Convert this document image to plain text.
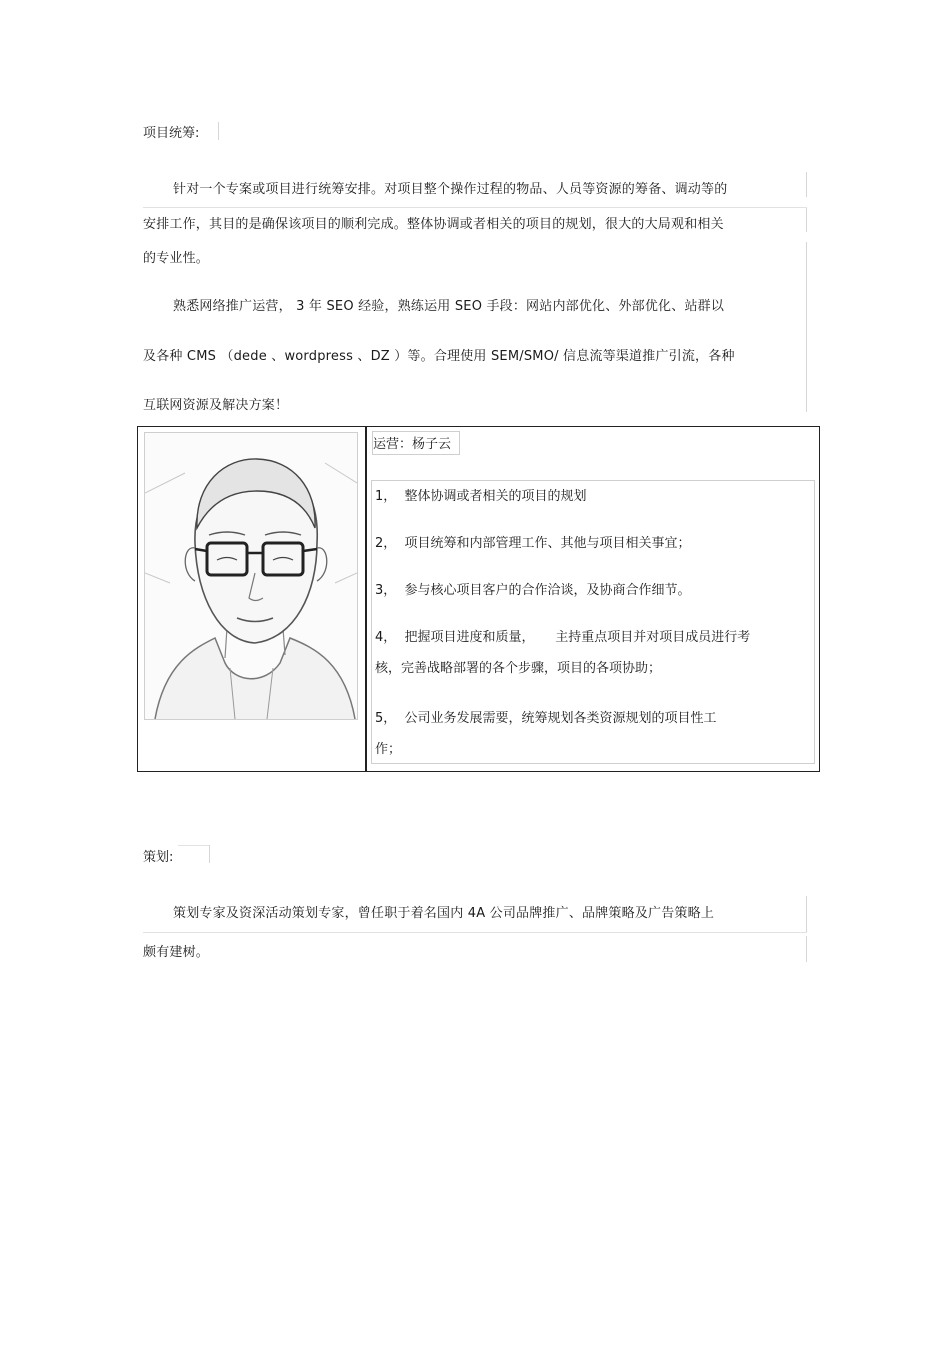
项目统筹:
针对一个专案或项目进行统筹安排。对项目整个操作过程的物品、人员等资源的筹备、调动等的
安排工作，其目的是确保该项目的顺利完成。整体协调或者相关的项目的规划，很大的大局观和相关
的专业性。
熟悉网络推广运营， 3 年 SEO 经验，熟练运用 SEO 手段：网站内部优化、外部优化、站群以
及各种 CMS （dede 、wordpress 、DZ ）等。合理使用 SEM/SMO/ 信息流等渠道推广引流，各种
互联网资源及解决方案！
运营：杨子云
1，  整体协调或者相关的项目的规划
2，  项目统筹和内部管理工作、其他与项目相关事宜；
3，  参与核心项目客户的合作洽谈，及协商合作细节。
4，  把握项目进度和质量，     主持重点项目并对项目成员进行考
核，完善战略部署的各个步骤，项目的各项协助；
5，  公司业务发展需要，统筹规划各类资源规划的项目性工
作；
策划:
策划专家及资深活动策划专家，曾任职于着名国内 4A 公司品牌推广、品牌策略及广告策略上
颇有建树。
